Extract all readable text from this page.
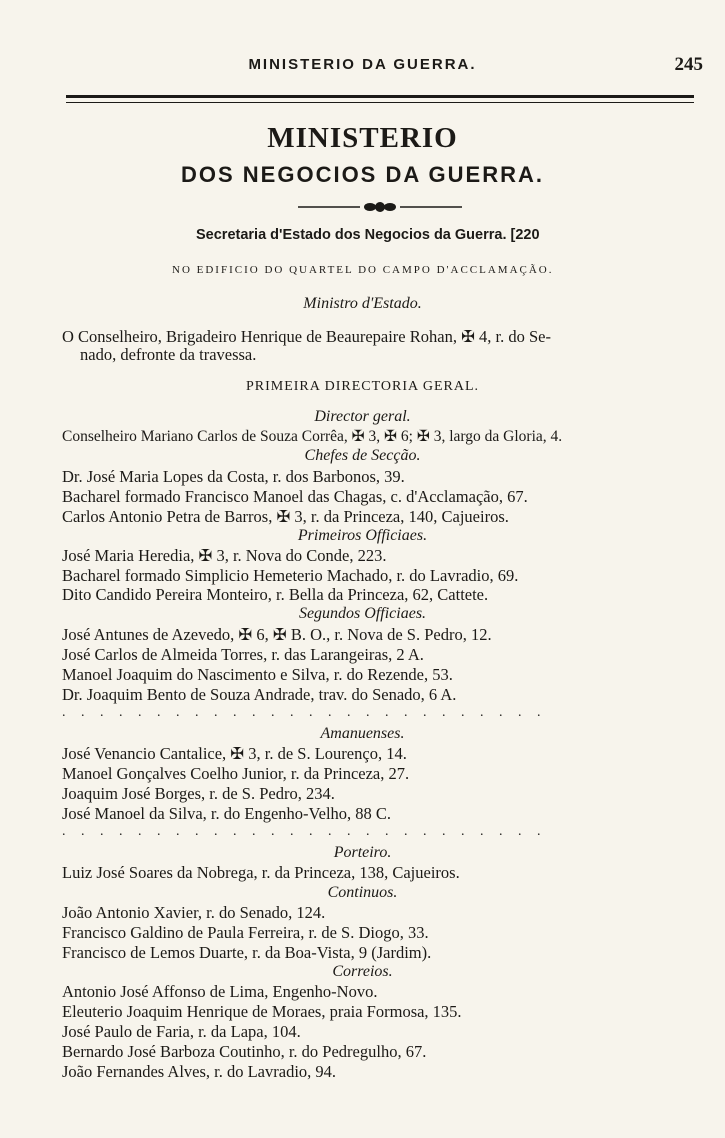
MINISTERIO DA GUERRA.	245
MINISTERIO
DOS NEGOCIOS DA GUERRA.
Secretaria d'Estado dos Negocios da Guerra. [220
NO EDIFICIO DO QUARTEL DO CAMPO D'ACCLAMAÇÃO.
Ministro d'Estado.
O Conselheiro, Brigadeiro Henrique de Beaurepaire Rohan, ✠ 4, r. do Se-
nado, defronte da travessa.
PRIMEIRA DIRECTORIA GERAL.
Director geral.
Conselheiro Mariano Carlos de Souza Corrêa, ✠ 3, ✠ 6; ✠ 3, largo da Gloria, 4.
Chefes de Secção.
Dr. José Maria Lopes da Costa, r. dos Barbonos, 39.
Bacharel formado Francisco Manoel das Chagas, c. d'Acclamação, 67.
Carlos Antonio Petra de Barros, ✠ 3, r. da Princeza, 140, Cajueiros.
Primeiros Officiaes.
José Maria Heredia, ✠ 3, r. Nova do Conde, 223.
Bacharel formado Simplicio Hemeterio Machado, r. do Lavradio, 69.
Dito Candido Pereira Monteiro, r. Bella da Princeza, 62, Cattete.
Segundos Officiaes.
José Antunes de Azevedo, ✠ 6, ✠ B. O., r. Nova de S. Pedro, 12.
José Carlos de Almeida Torres, r. das Larangeiras, 2 A.
Manoel Joaquim do Nascimento e Silva, r. do Rezende, 53.
Dr. Joaquim Bento de Souza Andrade, trav. do Senado, 6 A.
. . . . . . . . . . . . . . . . . . . . . . . . . .
Amanuenses.
José Venancio Cantalice, ✠ 3, r. de S. Lourenço, 14.
Manoel Gonçalves Coelho Junior, r. da Princeza, 27.
Joaquim José Borges, r. de S. Pedro, 234.
José Manoel da Silva, r. do Engenho-Velho, 88 C.
. . . . . . . . . . . . . . . . . . . . . . . . . .
Porteiro.
Luiz José Soares da Nobrega, r. da Princeza, 138, Cajueiros.
Continuos.
João Antonio Xavier, r. do Senado, 124.
Francisco Galdino de Paula Ferreira, r. de S. Diogo, 33.
Francisco de Lemos Duarte, r. da Boa-Vista, 9 (Jardim).
Correios.
Antonio José Affonso de Lima, Engenho-Novo.
Eleuterio Joaquim Henrique de Moraes, praia Formosa, 135.
José Paulo de Faria, r. da Lapa, 104.
Bernardo José Barboza Coutinho, r. do Pedregulho, 67.
João Fernandes Alves, r. do Lavradio, 94.
